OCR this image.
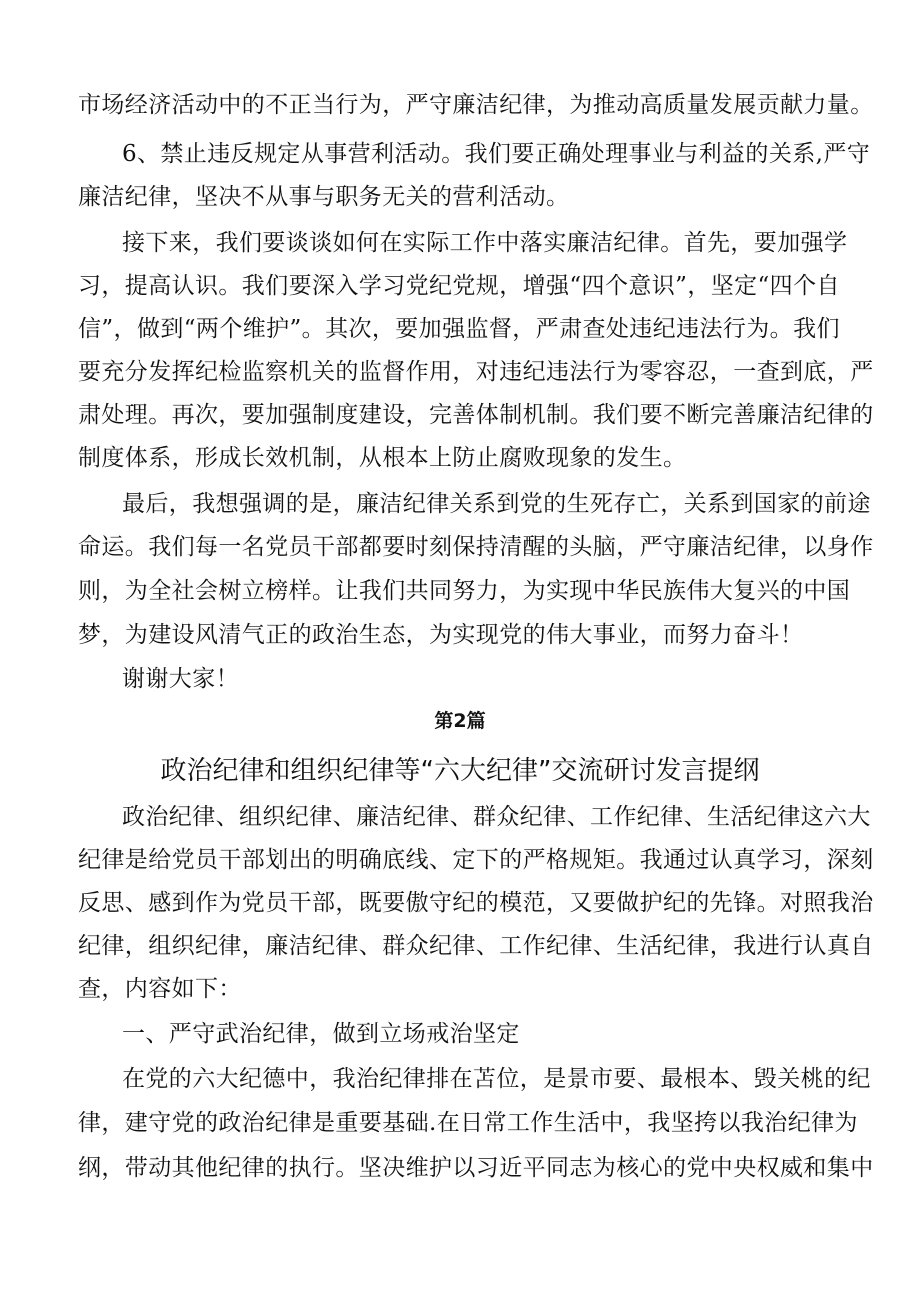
市场经济活动中的不正当行为，严守廉洁纪律，为推动高质量发展贡献力量。
6、禁止违反规定从事营利活动。我们要正确处理事业与利益的关系,严守
廉洁纪律，坚决不从事与职务无关的营利活动。
接下来，我们要谈谈如何在实际工作中落实廉洁纪律。首先，要加强学
习，提高认识。我们要深入学习党纪党规，增强“四个意识”，坚定“四个自
信”，做到“两个维护”。其次，要加强监督，严肃查处违纪违法行为。我们
要充分发挥纪检监察机关的监督作用，对违纪违法行为零容忍，一查到底，严
肃处理。再次，要加强制度建设，完善体制机制。我们要不断完善廉洁纪律的
制度体系，形成长效机制，从根本上防止腐败现象的发生。
最后，我想强调的是，廉洁纪律关系到党的生死存亡，关系到国家的前途
命运。我们每一名党员干部都要时刻保持清醒的头脑，严守廉洁纪律，以身作
则，为全社会树立榜样。让我们共同努力，为实现中华民族伟大复兴的中国
梦，为建设风清气正的政治生态，为实现党的伟大事业，而努力奋斗！
谢谢大家！
第2篇
政治纪律和组织纪律等“六大纪律”交流研讨发言提纲
政治纪律、组织纪律、廉洁纪律、群众纪律、工作纪律、生活纪律这六大
纪律是给党员干部划出的明确底线、定下的严格规矩。我通过认真学习，深刻
反思、感到作为党员干部，既要傲守纪的模范，又要做护纪的先锋。对照我治
纪律，组织纪律，廉洁纪律、群众纪律、工作纪律、生活纪律，我进行认真自
查，内容如下：
一、严守武治纪律，做到立场戒治坚定
在党的六大纪德中，我治纪律排在苫位，是景市要、最根本、毁关桃的纪
律，建守党的政治纪律是重要基础.在日常工作生活中，我坚挎以我治纪律为
纲，带动其他纪律的执行。坚决维护以习近平同志为核心的党中央权威和集中
